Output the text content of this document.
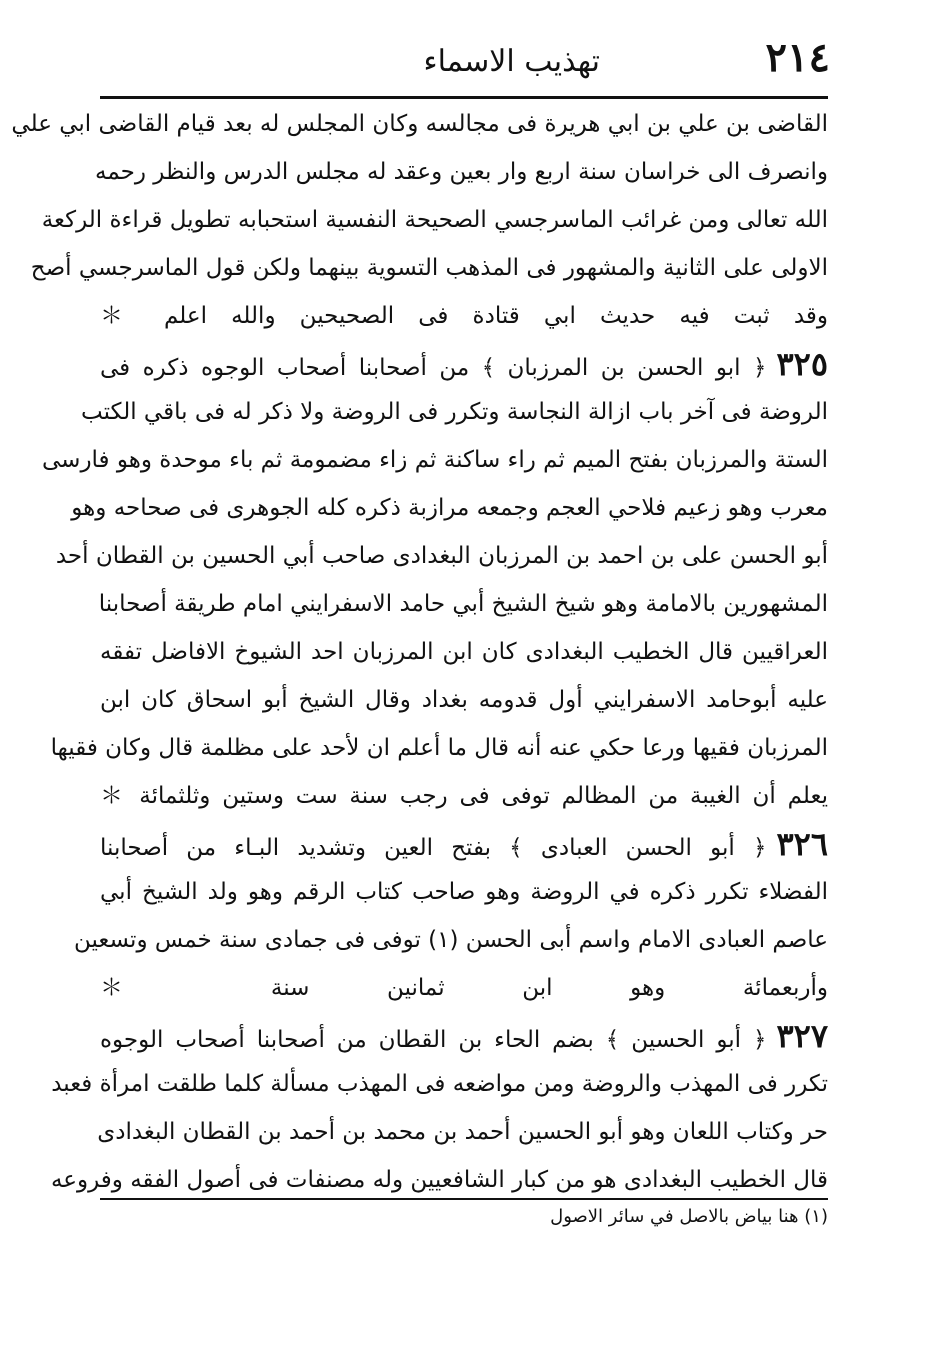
٢١٤
تهذيب الاسماء
القاضى بن علي بن ابي هريرة فى مجالسه وكان المجلس له بعد قيام القاضى ابي علي
وانصرف الى خراسان سنة اربع وار بعين وعقد له مجلس الدرس والنظر رحمه
الله تعالى ومن غرائب الماسرجسي الصحيحة النفسية استحبابه تطويل قراءة الركعة
الاولى على الثانية والمشهور فى المذهب التسوية بينهما ولكن قول الماسرجسي أصح
وقد ثبت فيه حديث ابي قتادة فى الصحيحين والله اعلم ＊
٣٢٥﴿ ابو الحسن بن المرزبان ﴾ من أصحابنا أصحاب الوجوه ذكره فى
الروضة فى آخر باب ازالة النجاسة وتكرر فى الروضة ولا ذكر له فى باقي الكتب
الستة والمرزبان بفتح الميم ثم راء ساكنة ثم زاء مضمومة ثم باء موحدة وهو فارسى
معرب وهو زعيم فلاحي العجم وجمعه مرازبة ذكره كله الجوهرى فى صحاحه وهو
أبو الحسن على بن احمد بن المرزبان البغدادى صاحب أبي الحسين بن القطان أحد
المشهورين بالامامة وهو شيخ الشيخ أبي حامد الاسفرايني امام طريقة أصحابنا
العراقيين قال الخطيب البغدادى كان ابن المرزبان احد الشيوخ الافاضل تفقه
عليه أبوحامد الاسفرايني أول قدومه بغداد وقال الشيخ أبو اسحاق كان ابن
المرزبان فقيها ورعا حكي عنه أنه قال ما أعلم ان لأحد على مظلمة قال وكان فقيها
يعلم أن الغيبة من المظالم توفى فى رجب سنة ست وستين وثلثمائة ＊
٣٢٦﴿ أبو الحسن العبادى ﴾ بفتح العين وتشديد البـاء من أصحابنا
الفضلاء تكرر ذكره في الروضة وهو صاحب كتاب الرقم وهو ولد الشيخ أبي
عاصم العبادى الامام واسم أبى الحسن (١) توفى فى جمادى سنة خمس وتسعين
وأربعمائة وهو ابن ثمانين سنة ＊
٣٢٧﴿ أبو الحسين ﴾ بضم الحاء بن القطان من أصحابنا أصحاب الوجوه
تكرر فى المهذب والروضة ومن مواضعه فى المهذب مسألة كلما طلقت امرأة فعبد
حر وكتاب اللعان وهو أبو الحسين أحمد بن محمد بن أحمد بن القطان البغدادى
قال الخطيب البغدادى هو من كبار الشافعيين وله مصنفات فى أصول الفقه وفروعه
(١) هنا بياض بالاصل في سائر الاصول
